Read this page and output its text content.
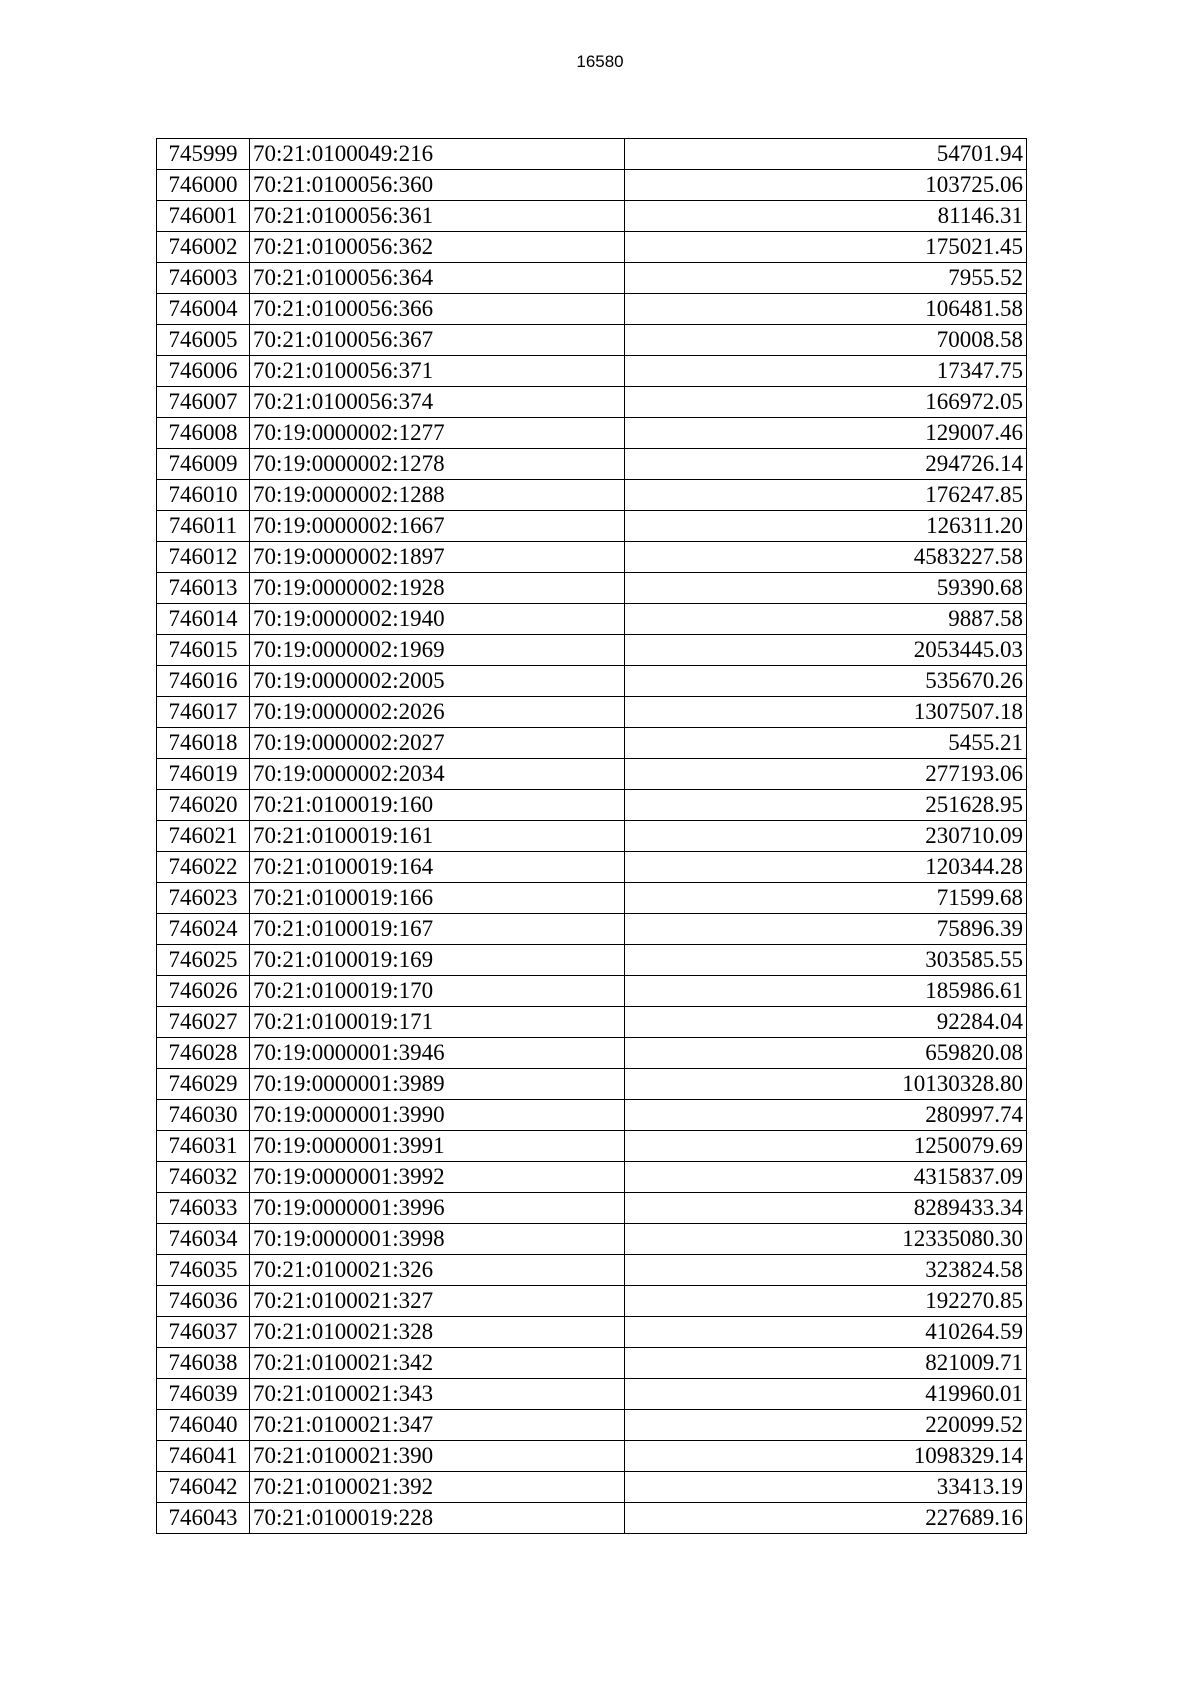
16580
745999	70:21:0100049:216	54701.94
746000	70:21:0100056:360	103725.06
746001	70:21:0100056:361	81146.31
746002	70:21:0100056:362	175021.45
746003	70:21:0100056:364	7955.52
746004	70:21:0100056:366	106481.58
746005	70:21:0100056:367	70008.58
746006	70:21:0100056:371	17347.75
746007	70:21:0100056:374	166972.05
746008	70:19:0000002:1277	129007.46
746009	70:19:0000002:1278	294726.14
746010	70:19:0000002:1288	176247.85
746011	70:19:0000002:1667	126311.20
746012	70:19:0000002:1897	4583227.58
746013	70:19:0000002:1928	59390.68
746014	70:19:0000002:1940	9887.58
746015	70:19:0000002:1969	2053445.03
746016	70:19:0000002:2005	535670.26
746017	70:19:0000002:2026	1307507.18
746018	70:19:0000002:2027	5455.21
746019	70:19:0000002:2034	277193.06
746020	70:21:0100019:160	251628.95
746021	70:21:0100019:161	230710.09
746022	70:21:0100019:164	120344.28
746023	70:21:0100019:166	71599.68
746024	70:21:0100019:167	75896.39
746025	70:21:0100019:169	303585.55
746026	70:21:0100019:170	185986.61
746027	70:21:0100019:171	92284.04
746028	70:19:0000001:3946	659820.08
746029	70:19:0000001:3989	10130328.80
746030	70:19:0000001:3990	280997.74
746031	70:19:0000001:3991	1250079.69
746032	70:19:0000001:3992	4315837.09
746033	70:19:0000001:3996	8289433.34
746034	70:19:0000001:3998	12335080.30
746035	70:21:0100021:326	323824.58
746036	70:21:0100021:327	192270.85
746037	70:21:0100021:328	410264.59
746038	70:21:0100021:342	821009.71
746039	70:21:0100021:343	419960.01
746040	70:21:0100021:347	220099.52
746041	70:21:0100021:390	1098329.14
746042	70:21:0100021:392	33413.19
746043	70:21:0100019:228	227689.16
